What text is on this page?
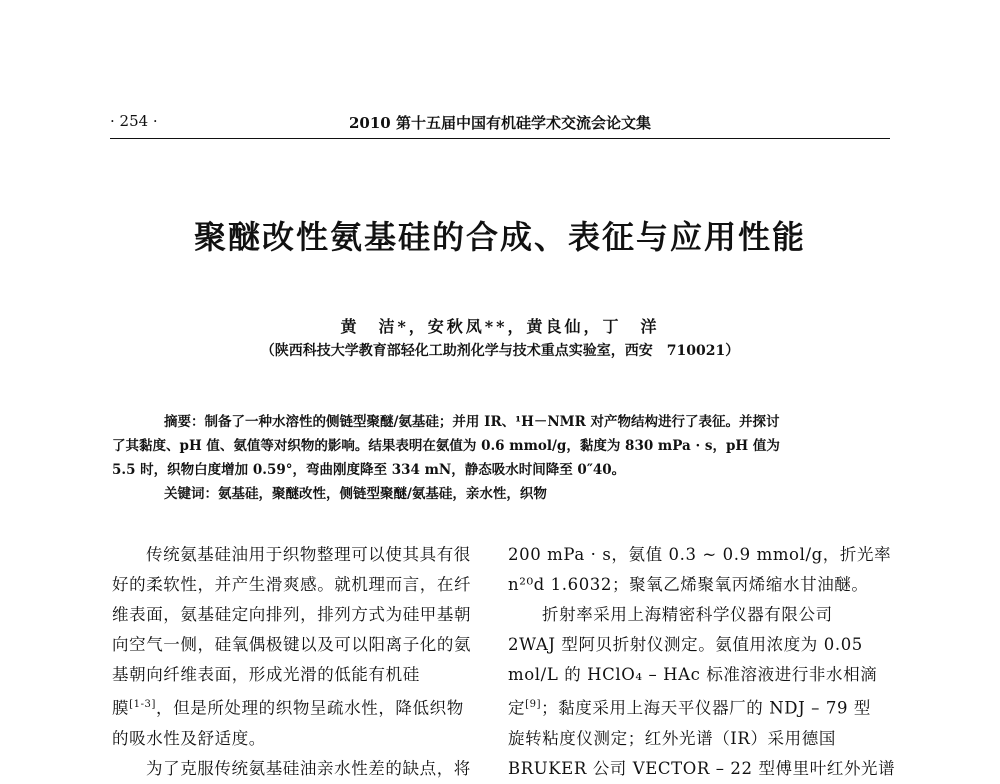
· 254 ·	2010 第十五届中国有机硅学术交流会论文集
聚醚改性氨基硅的合成、表征与应用性能
黄　洁*，安秋凤**，黄良仙，丁　洋
（陕西科技大学教育部轻化工助剂化学与技术重点实验室，西安　710021）
摘要：制备了一种水溶性的侧链型聚醚/氨基硅；并用 IR、¹H－NMR 对产物结构进行了表征。并探讨
了其黏度、pH 值、氨值等对织物的影响。结果表明在氨值为 0.6 mmol/g，黏度为 830 mPa · s，pH 值为
5.5 时，织物白度增加 0.59°，弯曲刚度降至 334 mN，静态吸水时间降至 0″40。
关键词：氨基硅，聚醚改性，侧链型聚醚/氨基硅，亲水性，织物
传统氨基硅油用于织物整理可以使其具有很
好的柔软性，并产生滑爽感。就机理而言，在纤
维表面，氨基硅定向排列，排列方式为硅甲基朝
向空气一侧，硅氧偶极键以及可以阳离子化的氨
基朝向纤维表面，形成光滑的低能有机硅
膜[1-3]，但是所处理的织物呈疏水性，降低织物
的吸水性及舒适度。
为了克服传统氨基硅油亲水性差的缺点，将
200 mPa · s，氨值 0.3 ~ 0.9 mmol/g，折光率
n²⁰d 1.6032；聚氧乙烯聚氧丙烯缩水甘油醚。
折射率采用上海精密科学仪器有限公司
2WAJ 型阿贝折射仪测定。氨值用浓度为 0.05
mol/L 的 HClO₄ – HAc 标准溶液进行非水相滴
定[9]；黏度采用上海天平仪器厂的 NDJ – 79 型
旋转粘度仪测定；红外光谱（IR）采用德国
BRUKER 公司 VECTOR – 22 型傅里叶红外光谱
